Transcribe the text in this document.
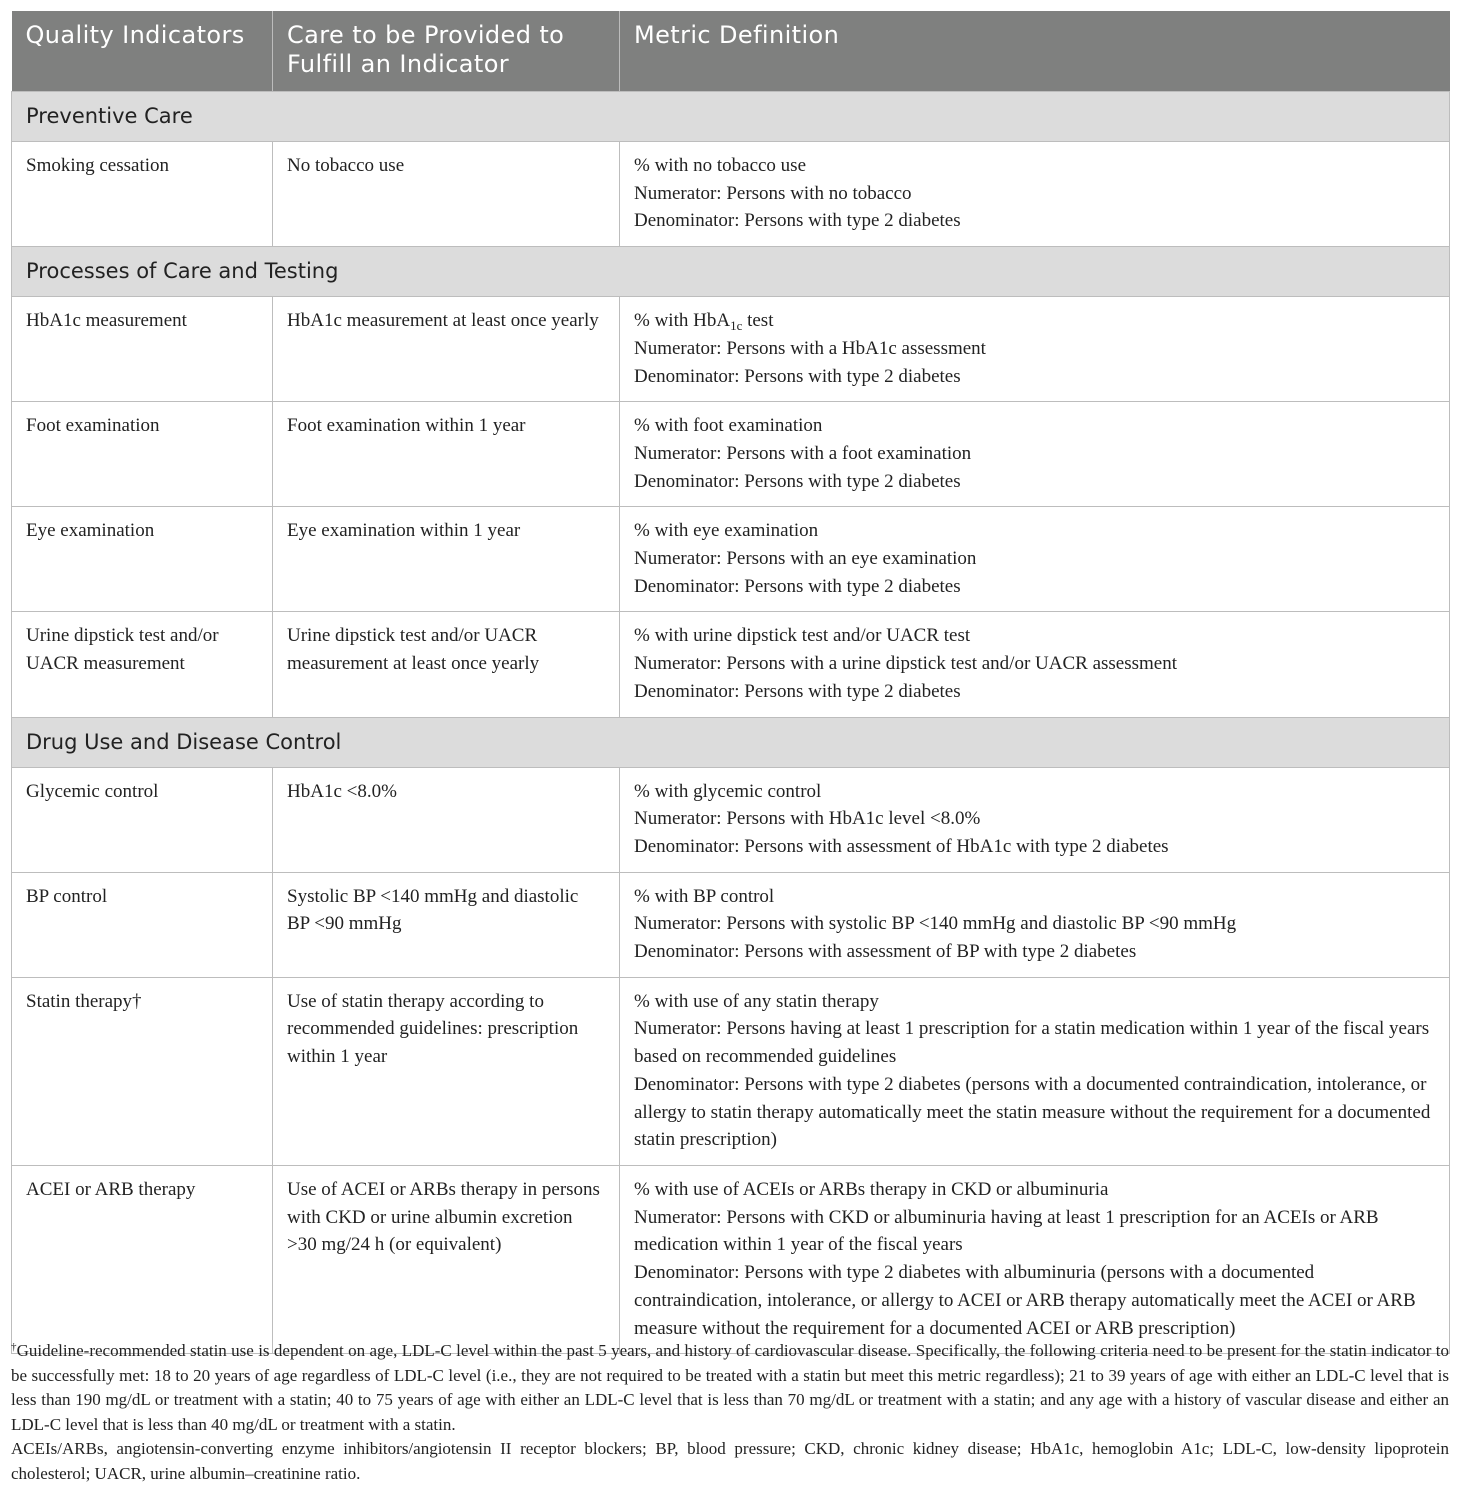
Quality Indicators	Care to be Provided to Fulfill an Indicator	Metric Definition
Preventive Care		
Smoking cessation	No tobacco use	% with no tobacco use
Numerator: Persons with no tobacco
Denominator: Persons with type 2 diabetes

Processes of Care and Testing		
HbA1c measurement	HbA1c measurement at least once yearly	% with HbA$_{1c}$ test
Numerator: Persons with a HbA1c assessment
Denominator: Persons with type 2 diabetes

Foot examination	Foot examination within 1 year	% with foot examination
Numerator: Persons with a foot examination
Denominator: Persons with type 2 diabetes

Eye examination	Eye examination within 1 year	% with eye examination
Numerator: Persons with an eye examination
Denominator: Persons with type 2 diabetes

Urine dipstick test and/or UACR measurement	Urine dipstick test and/or UACR measurement at least once yearly	% with urine dipstick test and/or UACR test
Numerator: Persons with a urine dipstick test and/or UACR assessment
Denominator: Persons with type 2 diabetes

Drug Use and Disease Control		
Glycemic control	HbA1c <8.0%	% with glycemic control
Numerator: Persons with HbA1c level <8.0%
Denominator: Persons with assessment of HbA1c with type 2 diabetes

BP control	Systolic BP <140 mmHg and diastolic BP <90 mmHg	% with BP control
Numerator: Persons with systolic BP <140 mmHg and diastolic BP <90 mmHg
Denominator: Persons with assessment of BP with type 2 diabetes

Statin therapy†	Use of statin therapy according to recommended guidelines: prescription within 1 year	% with use of any statin therapy
Numerator: Persons having at least 1 prescription for a statin medication within 1 year of the fiscal years based on recommended guidelines
Denominator: Persons with type 2 diabetes (persons with a documented contraindication, intolerance, or allergy to statin therapy automatically meet the statin measure without the requirement for a documented statin prescription)

ACEI or ARB therapy	Use of ACEI or ARBs therapy in persons with CKD or urine albumin excretion >30 mg/24 h (or equivalent)	% with use of ACEIs or ARBs therapy in CKD or albuminuria
Numerator: Persons with CKD or albuminuria having at least 1 prescription for an ACEIs or ARB medication within 1 year of the fiscal years
Denominator: Persons with type 2 diabetes with albuminuria (persons with a documented contraindication, intolerance, or allergy to ACEI or ARB therapy automatically meet the ACEI or ARB measure without the requirement for a documented ACEI or ARB prescription)

†Guideline-recommended statin use is dependent on age, LDL-C level within the past 5 years, and history of cardiovascular disease. Specifically, the following criteria need to be present for the statin indicator to be successfully met: 18 to 20 years of age regardless of LDL-C level (i.e., they are not required to be treated with a statin but meet this metric regardless); 21 to 39 years of age with either an LDL-C level that is less than 190 mg/dL or treatment with a statin; 40 to 75 years of age with either an LDL-C level that is less than 70 mg/dL or treatment with a statin; and any age with a history of vascular disease and either an LDL-C level that is less than 40 mg/dL or treatment with a statin.

ACEIs/ARBs, angiotensin-converting enzyme inhibitors/angiotensin II receptor blockers; BP, blood pressure; CKD, chronic kidney disease; HbA1c, hemoglobin A1c; LDL-C, low-density lipoprotein cholesterol; UACR, urine albumin–creatinine ratio.
